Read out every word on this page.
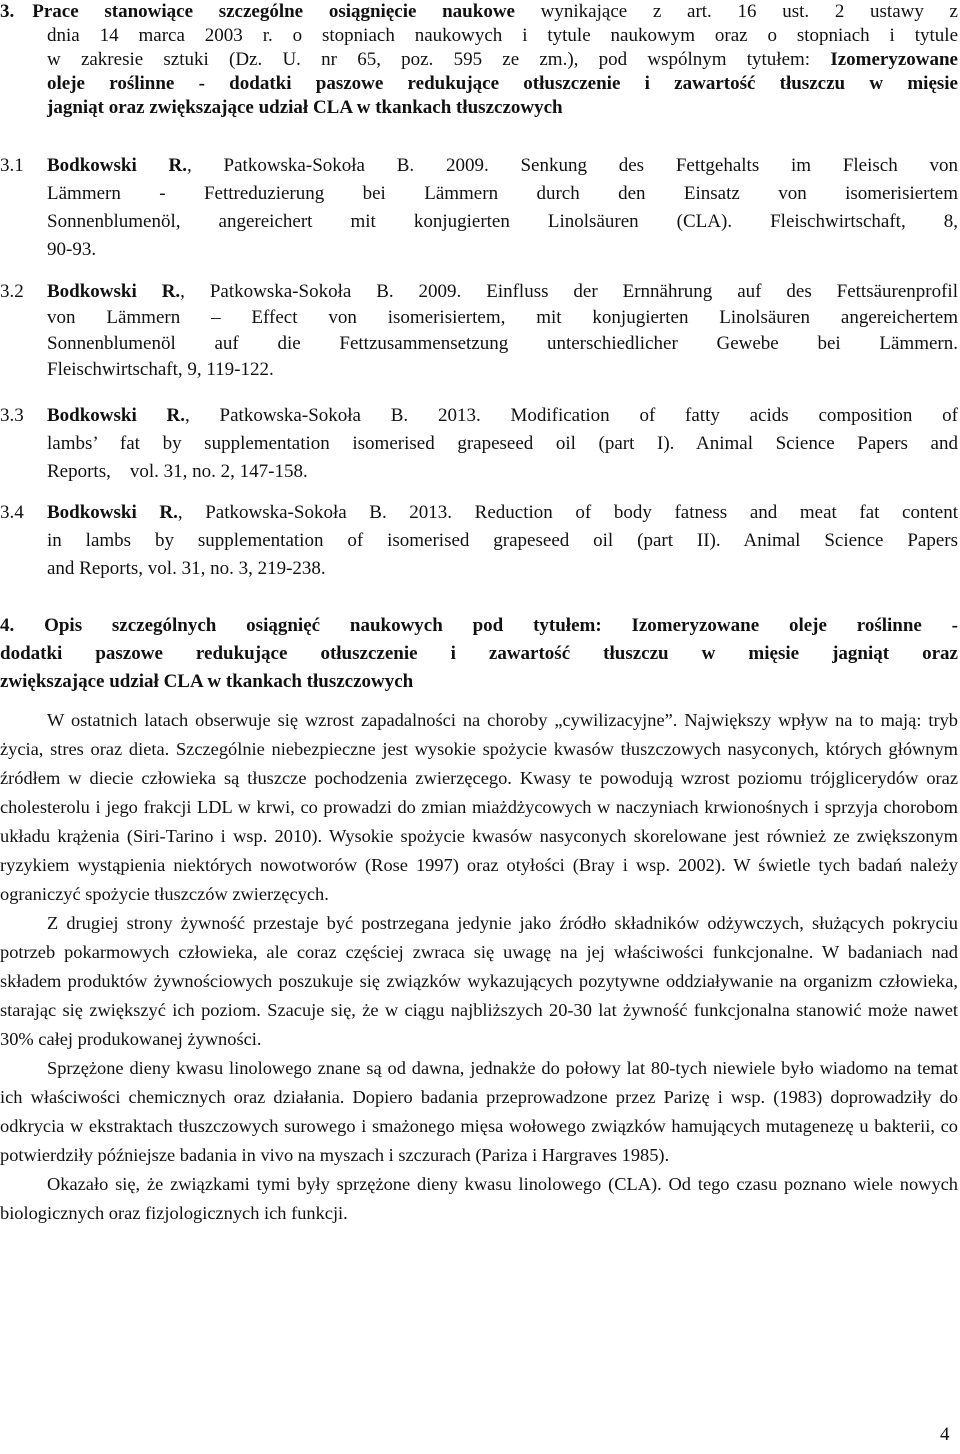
3. Prace stanowiące szczególne osiągnięcie naukowe wynikające z art. 16 ust. 2 ustawy z
dnia 14 marca 2003 r. o stopniach naukowych i tytule naukowym oraz o stopniach i tytule
w zakresie sztuki (Dz. U. nr 65, poz. 595 ze zm.), pod wspólnym tytułem: Izomeryzowane
oleje roślinne - dodatki paszowe redukujące otłuszczenie i zawartość tłuszczu w mięsie
jagniąt oraz zwiększające udział CLA w tkankach tłuszczowych
3.1 Bodkowski R., Patkowska-Sokoła B. 2009. Senkung des Fettgehalts im Fleisch von
Lämmern - Fettreduzierung bei Lämmern durch den Einsatz von isomerisiertem
Sonnenblumenöl, angereichert mit konjugierten Linolsäuren (CLA). Fleischwirtschaft, 8,
90-93.
3.2 Bodkowski R., Patkowska-Sokoła B. 2009. Einfluss der Ernnährung auf des Fettsäurenprofil
von Lämmern – Effect von isomerisiertem, mit konjugierten Linolsäuren angereichertem
Sonnenblumenöl auf die Fettzusammensetzung unterschiedlicher Gewebe bei Lämmern.
Fleischwirtschaft, 9, 119-122.
3.3 Bodkowski R., Patkowska-Sokoła B. 2013. Modification of fatty acids composition of
lambs’ fat by supplementation isomerised grapeseed oil (part I). Animal Science Papers and
Reports,    vol. 31, no. 2, 147-158.
3.4 Bodkowski R., Patkowska-Sokoła B. 2013. Reduction of body fatness and meat fat content
in lambs by supplementation of isomerised grapeseed oil (part II). Animal Science Papers
and Reports, vol. 31, no. 3, 219-238.
4. Opis szczególnych osiągnięć naukowych pod tytułem: Izomeryzowane oleje roślinne -
dodatki paszowe redukujące otłuszczenie i zawartość tłuszczu w mięsie jagniąt oraz
zwiększające udział CLA w tkankach tłuszczowych

W ostatnich latach obserwuje się wzrost zapadalności na choroby „cywilizacyjne”. Największy wpływ na to mają: tryb życia, stres oraz dieta. Szczególnie niebezpieczne jest wysokie spożycie kwasów tłuszczowych nasyconych, których głównym źródłem w diecie człowieka są tłuszcze pochodzenia zwierzęcego. Kwasy te powodują wzrost poziomu trójglicerydów oraz cholesterolu i jego frakcji LDL w krwi, co prowadzi do zmian miażdżycowych w naczyniach krwionośnych i sprzyja chorobom układu krążenia (Siri-Tarino i wsp. 2010). Wysokie spożycie kwasów nasyconych skorelowane jest również ze zwiększonym ryzykiem wystąpienia niektórych nowotworów (Rose 1997) oraz otyłości (Bray i wsp. 2002). W świetle tych badań należy ograniczyć spożycie tłuszczów zwierzęcych.

Z drugiej strony żywność przestaje być postrzegana jedynie jako źródło składników odżywczych, służących pokryciu potrzeb pokarmowych człowieka, ale coraz częściej zwraca się uwagę na jej właściwości funkcjonalne. W badaniach nad składem produktów żywnościowych poszukuje się związków wykazujących pozytywne oddziaływanie na organizm człowieka, starając się zwiększyć ich poziom. Szacuje się, że w ciągu najbliższych 20-30 lat żywność funkcjonalna stanowić może nawet 30% całej produkowanej żywności.

Sprzężone dieny kwasu linolowego znane są od dawna, jednakże do połowy lat 80-tych niewiele było wiadomo na temat ich właściwości chemicznych oraz działania. Dopiero badania przeprowadzone przez Parizę i wsp. (1983) doprowadziły do odkrycia w ekstraktach tłuszczowych surowego i smażonego mięsa wołowego związków hamujących mutagenezę u bakterii, co potwierdziły późniejsze badania in vivo na myszach i szczurach (Pariza i Hargraves 1985).

Okazało się, że związkami tymi były sprzężone dieny kwasu linolowego (CLA). Od tego czasu poznano wiele nowych biologicznych oraz fizjologicznych ich funkcji.

4
